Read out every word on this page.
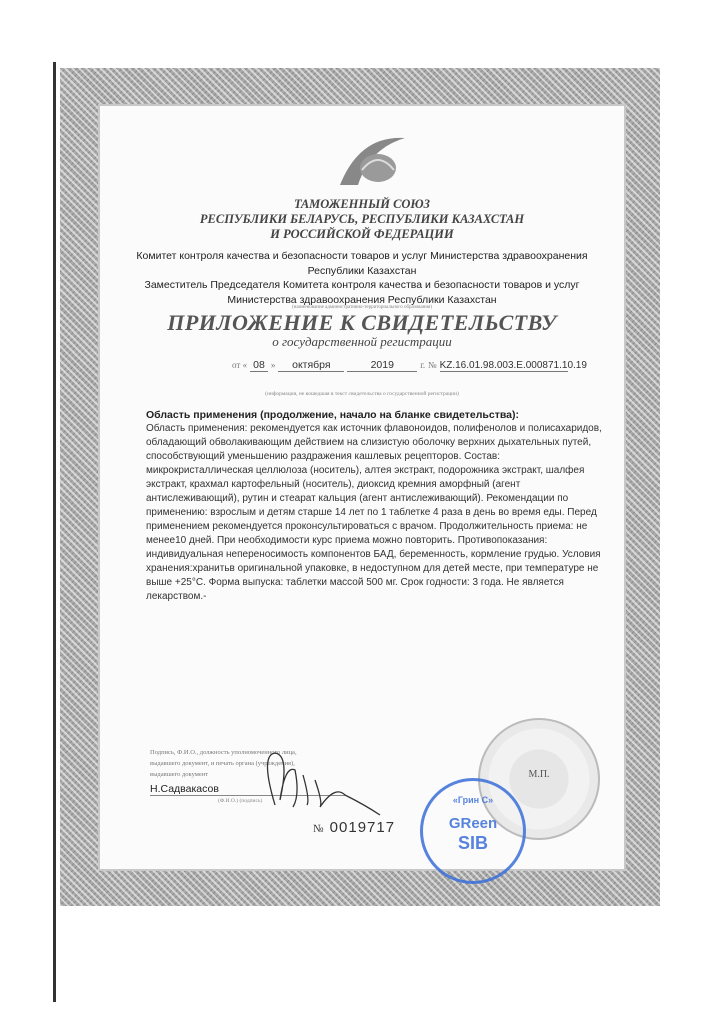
ТАМОЖЕННЫЙ СОЮЗ
РЕСПУБЛИКИ БЕЛАРУСЬ, РЕСПУБЛИКИ КАЗАХСТАН
И РОССИЙСКОЙ ФЕДЕРАЦИИ
Комитет контроля качества и безопасности товаров и услуг Министерства здравоохранения
Республики Казахстан
Заместитель Председателя Комитета контроля качества и безопасности товаров и услуг
Министерства здравоохранения Республики Казахстан
(наименование административно-территориального образования)
ПРИЛОЖЕНИЕ К СВИДЕТЕЛЬСТВУ
о государственной регистрации
от « 08 » октября	2019	г. № KZ.16.01.98.003.E.000871.10.19
(информация, не вошедшая в текст свидетельства о государственной регистрации)
Область применения (продолжение, начало на бланке свидетельства):
Область применения: рекомендуется как источник флавоноидов, полифенолов и полисахаридов,
обладающий обволакивающим действием на слизистую оболочку верхних дыхательных путей,
способствующий уменьшению раздражения кашлевых рецепторов. Состав:
микрокристаллическая целлюлоза (носитель), алтея экстракт, подорожника экстракт, шалфея
экстракт, крахмал картофельный (носитель), диоксид кремния аморфный (агент
антислеживающий), рутин и стеарат кальция (агент антислеживающий). Рекомендации по
применению: взрослым и детям старше 14 лет по 1 таблетке 4 раза в день во время еды. Перед
применением рекомендуется проконсультироваться с врачом. Продолжительность приема: не
менее10 дней. При необходимости курс приема можно повторить. Противопоказания:
индивидуальная непереносимость компонентов БАД, беременность, кормление грудью. Условия
хранения:хранитьв оригинальной упаковке, в недоступном для детей месте, при температуре не
выше +25°С. Форма выпуска: таблетки массой 500 мг. Срок годности: 3 года. Не является
лекарством.-
Подпись, Ф.И.О., должность уполномоченного лица,
выдавшего документ, и печать органа (учреждения),
выдавшего документ
Н.Садвакасов
(Ф.И.О.) (подпись)
№ 0019717
М.П.
«Грин С»
GReen
SIB
